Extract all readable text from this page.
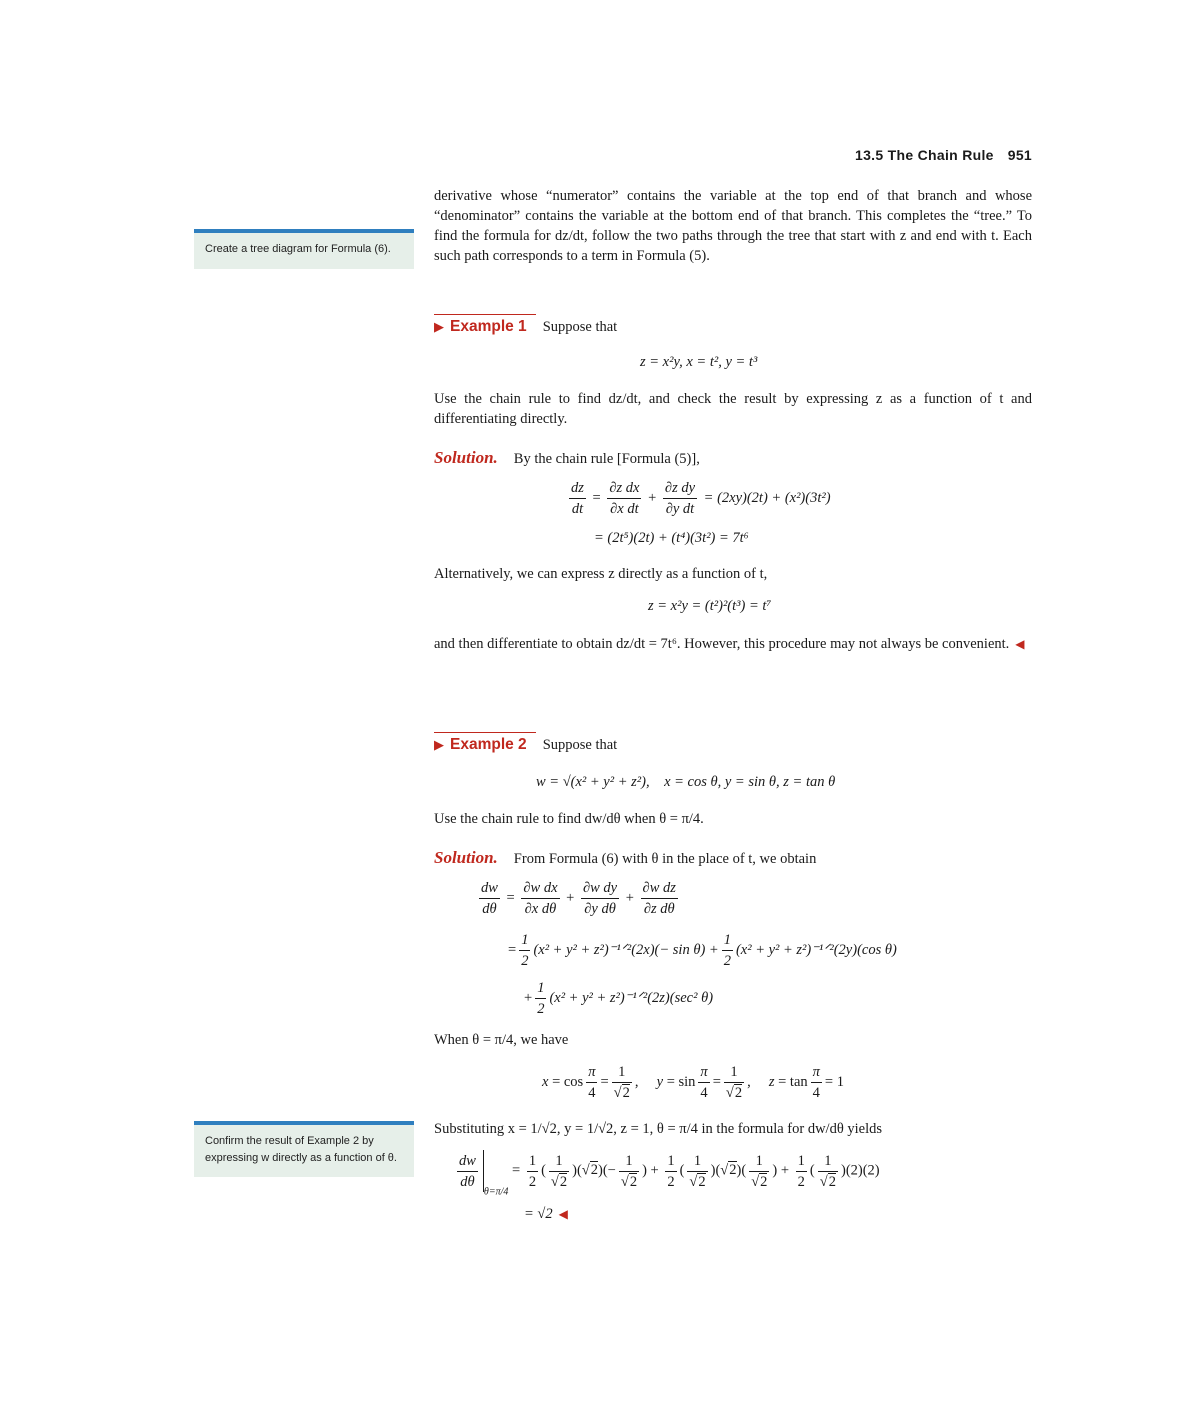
13.5 The Chain Rule 951
derivative whose “numerator” contains the variable at the top end of that branch and whose “denominator” contains the variable at the bottom end of that branch. This completes the “tree.” To find the formula for dz/dt, follow the two paths through the tree that start with z and end with t. Each such path corresponds to a term in Formula (5).
Create a tree diagram for Formula (6).
▶ Example 1 Suppose that
z = x²y, x = t², y = t³
Use the chain rule to find dz/dt, and check the result by expressing z as a function of t and differentiating directly.
Solution. By the chain rule [Formula (5)],
$\frac{dz}{dt} = \frac{\text{∂z dx}}{\text{∂x dt}} + \frac{\text{∂z dy}}{\text{∂y dt}} = (2xy)(2t) + (x^2)(3t^2)$
= (2t⁵)(2t) + (t⁴)(3t²) = 7t⁶
Alternatively, we can express z directly as a function of t,
z = x²y = (t²)²(t³) = t⁷
and then differentiate to obtain dz/dt = 7t⁶. However, this procedure may not always be convenient. ◀
▶ Example 2 Suppose that
w = √(x² + y² + z²), x = cos θ, y = sin θ, z = tan θ
Use the chain rule to find dw/dθ when θ = π/4.
Solution. From Formula (6) with θ in the place of t, we obtain
$\frac{dw}{d\theta} = \frac{\text{∂w dx}}{\text{∂x dθ}} + \frac{\text{∂w dy}}{\text{∂y dθ}} + \frac{\text{∂w dz}}{\text{∂z dθ}}$
= $\frac{1}{2} (x^2 + y^2$ + z²)⁻¹ᐟ²(2x)(− $\sin \theta) + \frac{1}{2} (x^2 + y^2$ + z²)⁻¹ᐟ²(2y)(cos θ)
+ $\frac{1}{2} (x^2 + y^2$ + z²)⁻¹ᐟ²(2z)(sec² θ)
When θ = π/4, we have
$x = \cos \frac{\pi}{4} = \frac{1}{√2}$ ,     $y = \sin \frac{\pi}{4} = \frac{1}{√2}$ ,     $z = \tan \frac{\pi}{4} = 1$
Confirm the result of Example 2 by expressing w directly as a function of θ.
Substituting x = 1/√2, y = 1/√2, z = 1, θ = π/4 in the formula for dw/dθ yields
$\frac{dw}{d\theta}$
$_{\theta=\pi/4} = \frac{1}{2}$ ( $\frac{1}{√2} )(√2)(- \frac{1}{√2}$ ) + $\frac{1}{2}$ ( $\frac{1}{√2} )(√2)( \frac{1}{√2}$ ) + $\frac{1}{2}$ ( $\frac{1}{√2} )(2)(2)$
= √2 ◀
